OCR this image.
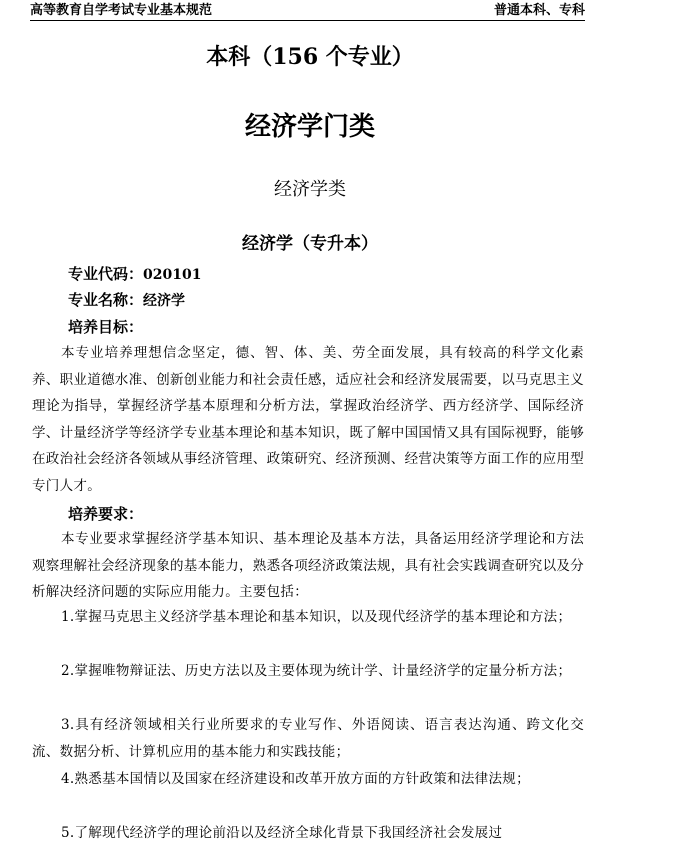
高等教育自学考试专业基本规范	普通本科、专科
本科（156 个专业）
经济学门类
经济学类
经济学（专升本）
专业代码：020101
专业名称：经济学
培养目标：
本专业培养理想信念坚定，德、智、体、美、劳全面发展，具有较高的科学文化素养、职业道德水准、创新创业能力和社会责任感，适应社会和经济发展需要，以马克思主义理论为指导，掌握经济学基本原理和分析方法，掌握政治经济学、西方经济学、国际经济学、计量经济学等经济学专业基本理论和基本知识，既了解中国国情又具有国际视野，能够在政治社会经济各领域从事经济管理、政策研究、经济预测、经营决策等方面工作的应用型专门人才。
培养要求：
本专业要求掌握经济学基本知识、基本理论及基本方法，具备运用经济学理论和方法观察理解社会经济现象的基本能力，熟悉各项经济政策法规，具有社会实践调查研究以及分析解决经济问题的实际应用能力。主要包括：
1.掌握马克思主义经济学基本理论和基本知识，以及现代经济学的基本理论和方法；
2.掌握唯物辩证法、历史方法以及主要体现为统计学、计量经济学的定量分析方法；
3.具有经济领域相关行业所要求的专业写作、外语阅读、语言表达沟通、跨文化交流、数据分析、计算机应用的基本能力和实践技能；
4.熟悉基本国情以及国家在经济建设和改革开放方面的方针政策和法律法规；
5.了解现代经济学的理论前沿以及经济全球化背景下我国经济社会发展过
